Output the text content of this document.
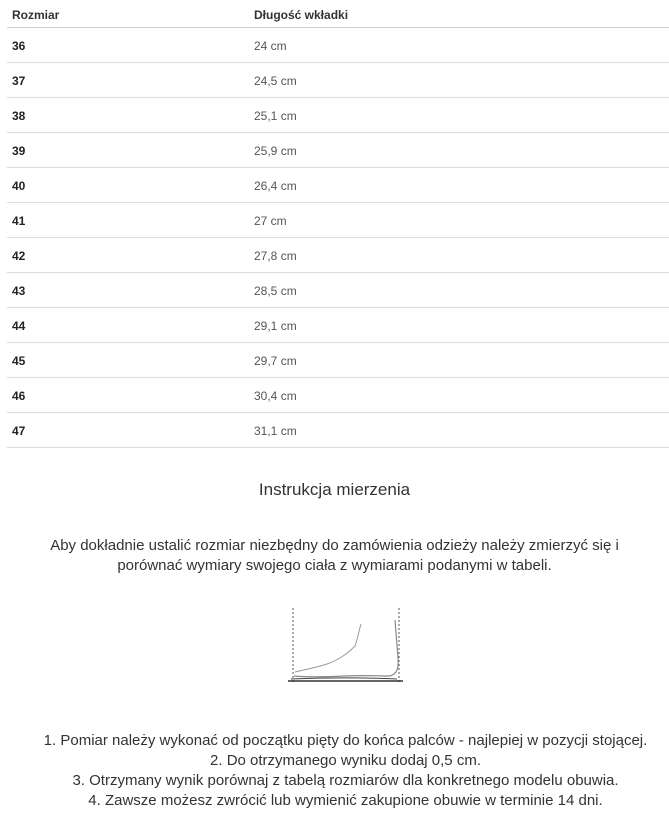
Rozmiar	Długość wkładki
36	24 cm
37	24,5 cm
38	25,1 cm
39	25,9 cm
40	26,4 cm
41	27 cm
42	27,8 cm
43	28,5 cm
44	29,1 cm
45	29,7 cm
46	30,4 cm
47	31,1 cm
Instrukcja mierzenia
Aby dokładnie ustalić rozmiar niezbędny do zamówienia odzieży należy zmierzyć się i
porównać wymiary swojego ciała z wymiarami podanymi w tabeli.
1. Pomiar należy wykonać od początku pięty do końca palców - najlepiej w pozycji stojącej.
2. Do otrzymanego wyniku dodaj 0,5 cm.
3. Otrzymany wynik porównaj z tabelą rozmiarów dla konkretnego modelu obuwia.
4. Zawsze możesz zwrócić lub wymienić zakupione obuwie w terminie 14 dni.
